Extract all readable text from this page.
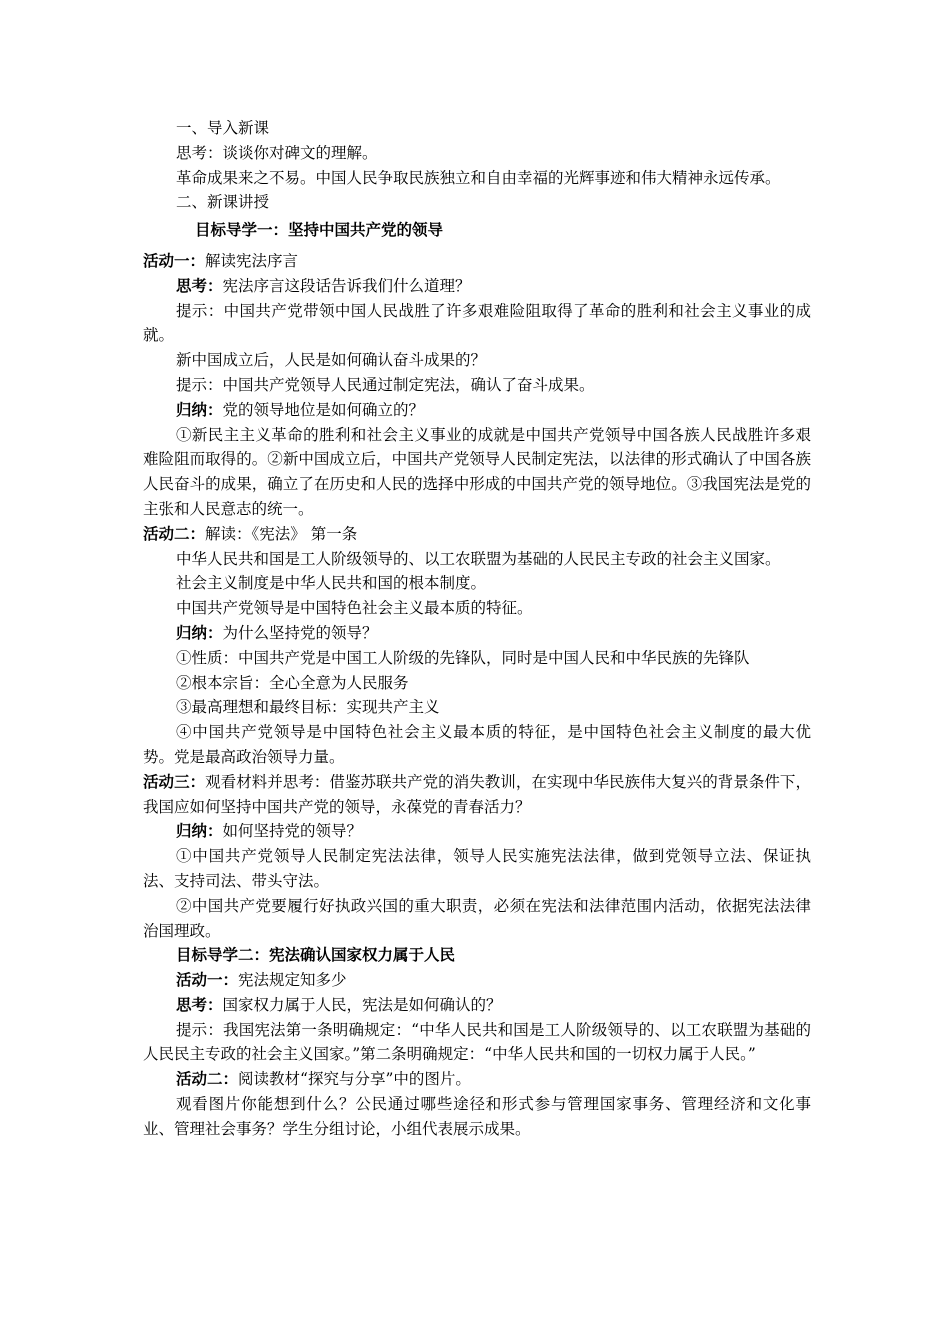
一、导入新课

思考：谈谈你对碑文的理解。

革命成果来之不易。中国人民争取民族独立和自由幸福的光辉事迹和伟大精神永远传承。

二、新课讲授

目标导学一：坚持中国共产党的领导

活动一：解读宪法序言

思考：宪法序言这段话告诉我们什么道理？

提示：中国共产党带领中国人民战胜了许多艰难险阻取得了革命的胜利和社会主义事业的成就。

新中国成立后，人民是如何确认奋斗成果的？

提示：中国共产党领导人民通过制定宪法，确认了奋斗成果。

归纳：党的领导地位是如何确立的？

①新民主主义革命的胜利和社会主义事业的成就是中国共产党领导中国各族人民战胜许多艰难险阻而取得的。②新中国成立后，中国共产党领导人民制定宪法，以法律的形式确认了中国各族人民奋斗的成果，确立了在历史和人民的选择中形成的中国共产党的领导地位。③我国宪法是党的主张和人民意志的统一。

活动二：解读：《宪法》 第一条

中华人民共和国是工人阶级领导的、以工农联盟为基础的人民民主专政的社会主义国家。

社会主义制度是中华人民共和国的根本制度。

中国共产党领导是中国特色社会主义最本质的特征。

归纳：为什么坚持党的领导？

①性质：中国共产党是中国工人阶级的先锋队，同时是中国人民和中华民族的先锋队

②根本宗旨：全心全意为人民服务

③最高理想和最终目标：实现共产主义

④中国共产党领导是中国特色社会主义最本质的特征，是中国特色社会主义制度的最大优势。党是最高政治领导力量。

活动三：观看材料并思考：借鉴苏联共产党的消失教训，在实现中华民族伟大复兴的背景条件下，我国应如何坚持中国共产党的领导，永葆党的青春活力？

归纳：如何坚持党的领导？

①中国共产党领导人民制定宪法法律，领导人民实施宪法法律，做到党领导立法、保证执法、支持司法、带头守法。

②中国共产党要履行好执政兴国的重大职责，必须在宪法和法律范围内活动，依据宪法法律治国理政。

目标导学二：宪法确认国家权力属于人民

活动一：宪法规定知多少

思考：国家权力属于人民，宪法是如何确认的？

提示：我国宪法第一条明确规定：“中华人民共和国是工人阶级领导的、以工农联盟为基础的人民民主专政的社会主义国家。”第二条明确规定：“中华人民共和国的一切权力属于人民。”

活动二：阅读教材“探究与分享”中的图片。

观看图片你能想到什么？公民通过哪些途径和形式参与管理国家事务、管理经济和文化事业、管理社会事务？学生分组讨论，小组代表展示成果。
